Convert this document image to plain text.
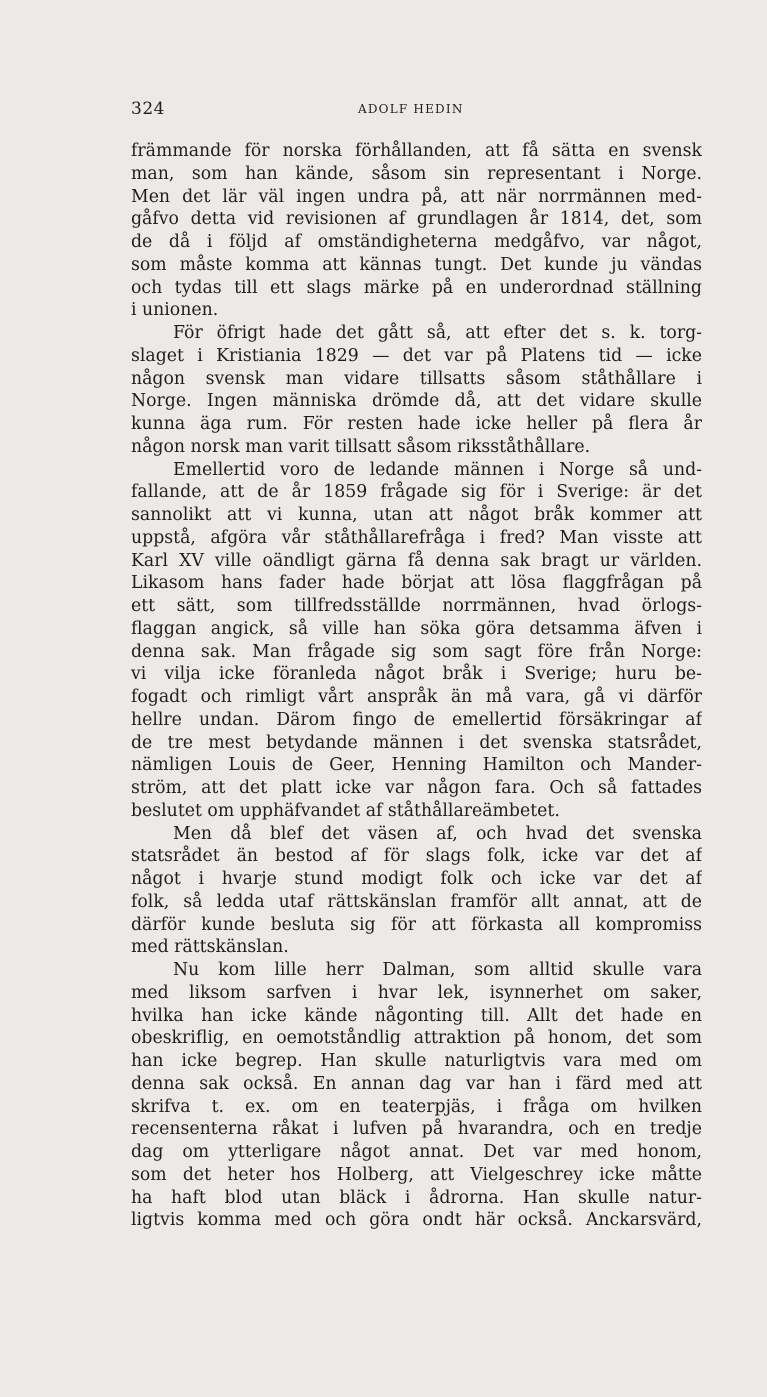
324	ADOLF HEDIN
främmande för norska förhållanden, att få sätta en svensk
man, som han kände, såsom sin representant i Norge.
Men det lär väl ingen undra på, att när norrmännen med-
gåfvo detta vid revisionen af grundlagen år 1814, det, som
de då i följd af omständigheterna medgåfvo, var något,
som måste komma att kännas tungt. Det kunde ju vändas
och tydas till ett slags märke på en underordnad ställning
i unionen.
För öfrigt hade det gått så, att efter det s. k. torg-
slaget i Kristiania 1829 — det var på Platens tid — icke
någon svensk man vidare tillsatts såsom ståthållare i
Norge. Ingen människa drömde då, att det vidare skulle
kunna äga rum. För resten hade icke heller på flera år
någon norsk man varit tillsatt såsom riksståthållare.
Emellertid voro de ledande männen i Norge så und-
fallande, att de år 1859 frågade sig för i Sverige: är det
sannolikt att vi kunna, utan att något bråk kommer att
uppstå, afgöra vår ståthållarefråga i fred? Man visste att
Karl XV ville oändligt gärna få denna sak bragt ur världen.
Likasom hans fader hade börjat att lösa flaggfrågan på
ett sätt, som tillfredsställde norrmännen, hvad örlogs-
flaggan angick, så ville han söka göra detsamma äfven i
denna sak. Man frågade sig som sagt före från Norge:
vi vilja icke föranleda något bråk i Sverige; huru be-
fogadt och rimligt vårt anspråk än må vara, gå vi därför
hellre undan. Därom fingo de emellertid försäkringar af
de tre mest betydande männen i det svenska statsrådet,
nämligen Louis de Geer, Henning Hamilton och Mander-
ström, att det platt icke var någon fara. Och så fattades
beslutet om upphäfvandet af ståthållareämbetet.
Men då blef det väsen af, och hvad det svenska
statsrådet än bestod af för slags folk, icke var det af
något i hvarje stund modigt folk och icke var det af
folk, så ledda utaf rättskänslan framför allt annat, att de
därför kunde besluta sig för att förkasta all kompromiss
med rättskänslan.
Nu kom lille herr Dalman, som alltid skulle vara
med liksom sarfven i hvar lek, isynnerhet om saker,
hvilka han icke kände någonting till. Allt det hade en
obeskriflig, en oemotståndlig attraktion på honom, det som
han icke begrep. Han skulle naturligtvis vara med om
denna sak också. En annan dag var han i färd med att
skrifva t. ex. om en teaterpjäs, i fråga om hvilken
recensenterna råkat i lufven på hvarandra, och en tredje
dag om ytterligare något annat. Det var med honom,
som det heter hos Holberg, att Vielgeschrey icke måtte
ha haft blod utan bläck i ådrorna. Han skulle natur-
ligtvis komma med och göra ondt här också. Anckarsvärd,
